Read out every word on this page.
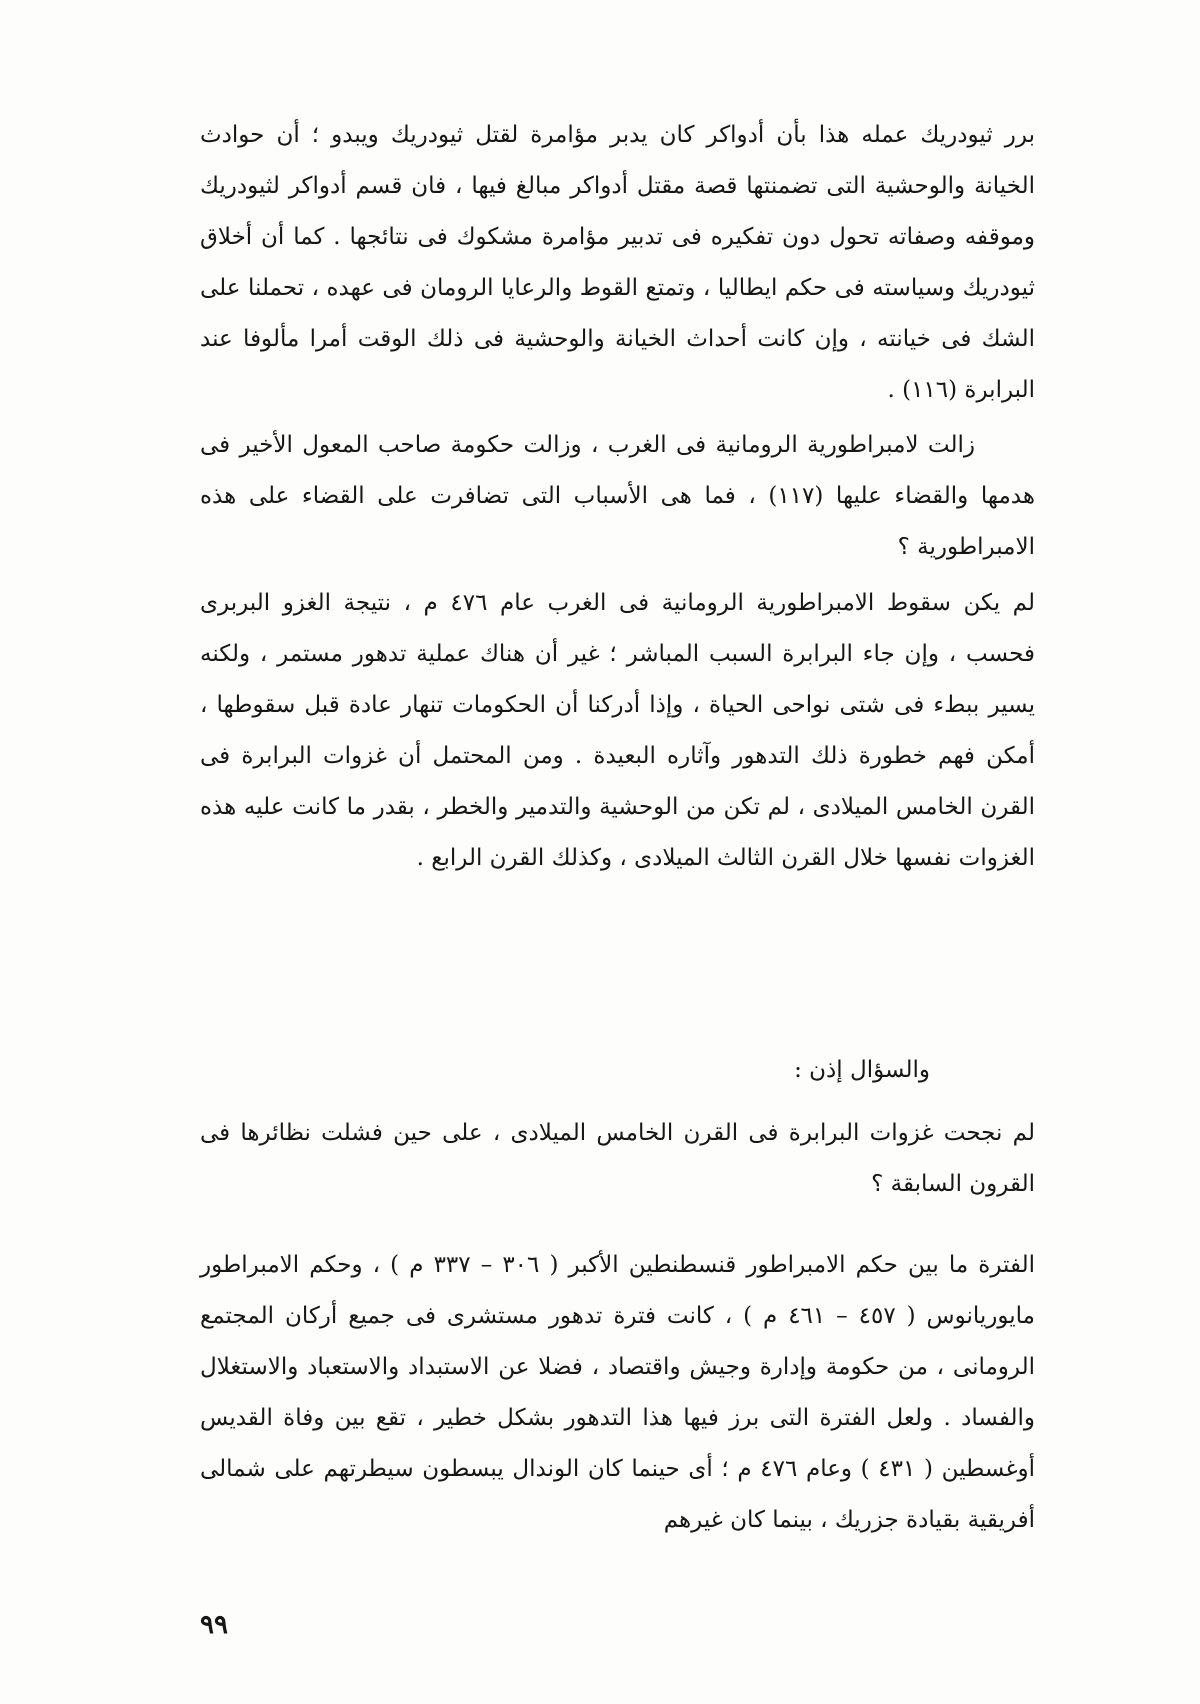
برر ثيودريك عمله هذا بأن أدواكر كان يدبر مؤامرة لقتل ثيودريك ويبدو ؛ أن حوادث الخيانة والوحشية التى تضمنتها قصة مقتل أدواكر مبالغ فيها ، فان قسم أدواكر لثيودريك وموقفه وصفاته تحول دون تفكيره فى تدبير مؤامرة مشكوك فى نتائجها . كما أن أخلاق ثيودريك وسياسته فى حكم ايطاليا ، وتمتع القوط والرعايا الرومان فى عهده ، تحملنا على الشك فى خيانته ، وإن كانت أحداث الخيانة والوحشية فى ذلك الوقت أمرا مألوفا عند البرابرة (١١٦) .

زالت لامبراطورية الرومانية فى الغرب ، وزالت حكومة صاحب المعول الأخير فى هدمها والقضاء عليها (١١٧) ، فما هى الأسباب التى تضافرت على القضاء على هذه الامبراطورية ؟

لم يكن سقوط الامبراطورية الرومانية فى الغرب عام ٤٧٦ م ، نتيجة الغزو البربرى فحسب ، وإن جاء البرابرة السبب المباشر ؛ غير أن هناك عملية تدهور مستمر ، ولكنه يسير ببطء فى شتى نواحى الحياة ، وإذا أدركنا أن الحكومات تنهار عادة قبل سقوطها ، أمكن فهم خطورة ذلك التدهور وآثاره البعيدة . ومن المحتمل أن غزوات البرابرة فى القرن الخامس الميلادى ، لم تكن من الوحشية والتدمير والخطر ، بقدر ما كانت عليه هذه الغزوات نفسها خلال القرن الثالث الميلادى ، وكذلك القرن الرابع .

والسؤال إذن :

لم نجحت غزوات البرابرة فى القرن الخامس الميلادى ، على حين فشلت نظائرها فى القرون السابقة ؟

الفترة ما بين حكم الامبراطور قنسطنطين الأكبر ( ٣٠٦ – ٣٣٧ م ) ، وحكم الامبراطور مايوريانوس ( ٤٥٧ – ٤٦١ م ) ، كانت فترة تدهور مستشرى فى جميع أركان المجتمع الرومانى ، من حكومة وإدارة وجيش واقتصاد ، فضلا عن الاستبداد والاستعباد والاستغلال والفساد . ولعل الفترة التى برز فيها هذا التدهور بشكل خطير ، تقع بين وفاة القديس أوغسطين ( ٤٣١ ) وعام ٤٧٦ م ؛ أى حينما كان الوندال يبسطون سيطرتهم على شمالى أفريقية بقيادة جزريك ، بينما كان غيرهم

٩٩
